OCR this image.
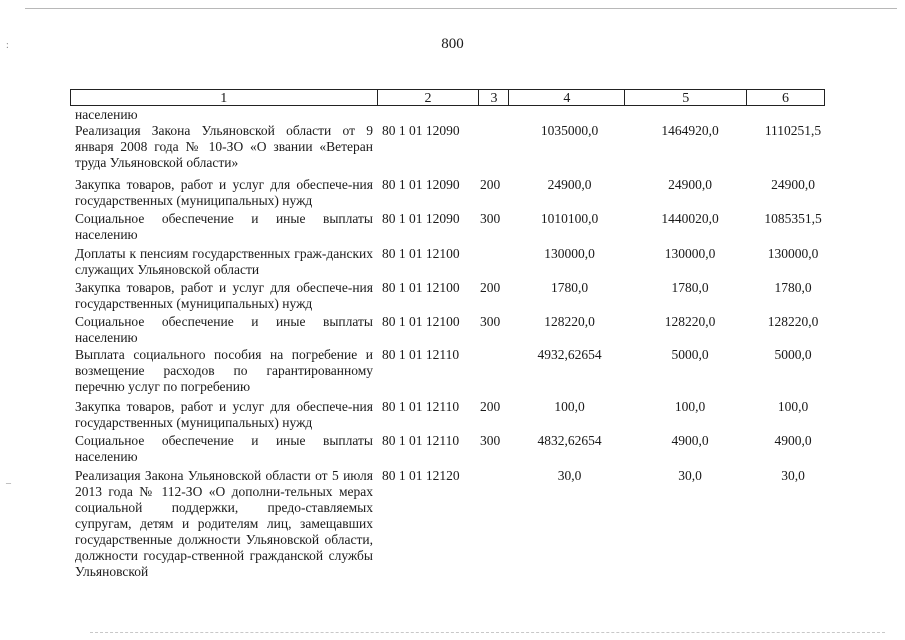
:
–
800
1	2	3	4	5	6
населению
Реализация Закона Ульяновской области от 9 января 2008 года № 10-ЗО «О звании «Ветеран труда Ульяновской области»
80 1 01 12090	1035000,0	1464920,0	1110251,5
Закупка товаров, работ и услуг для обеспече-ния государственных (муниципальных) нужд
80 1 01 12090 200	24900,0	24900,0	24900,0
Социальное обеспечение и иные выплаты населению
80 1 01 12090 300	1010100,0	1440020,0	1085351,5
Доплаты к пенсиям государственных граж-данских служащих Ульяновской области
80 1 01 12100	130000,0	130000,0	130000,0
Закупка товаров, работ и услуг для обеспече-ния государственных (муниципальных) нужд
80 1 01 12100 200	1780,0	1780,0	1780,0
Социальное обеспечение и иные выплаты населению
80 1 01 12100 300	128220,0	128220,0	128220,0
Выплата социального пособия на погребение и возмещение расходов по гарантированному перечню услуг по погребению
80 1 01 12110	4932,62654	5000,0	5000,0
Закупка товаров, работ и услуг для обеспече-ния государственных (муниципальных) нужд
80 1 01 12110 200	100,0	100,0	100,0
Социальное обеспечение и иные выплаты населению
80 1 01 12110 300	4832,62654	4900,0	4900,0
Реализация Закона Ульяновской области от 5 июля 2013 года № 112-ЗО «О дополни-тельных мерах социальной поддержки, предо-ставляемых супругам, детям и родителям лиц, замещавших государственные должности Ульяновской области, должности государ-ственной гражданской службы Ульяновской
80 1 01 12120	30,0	30,0	30,0
